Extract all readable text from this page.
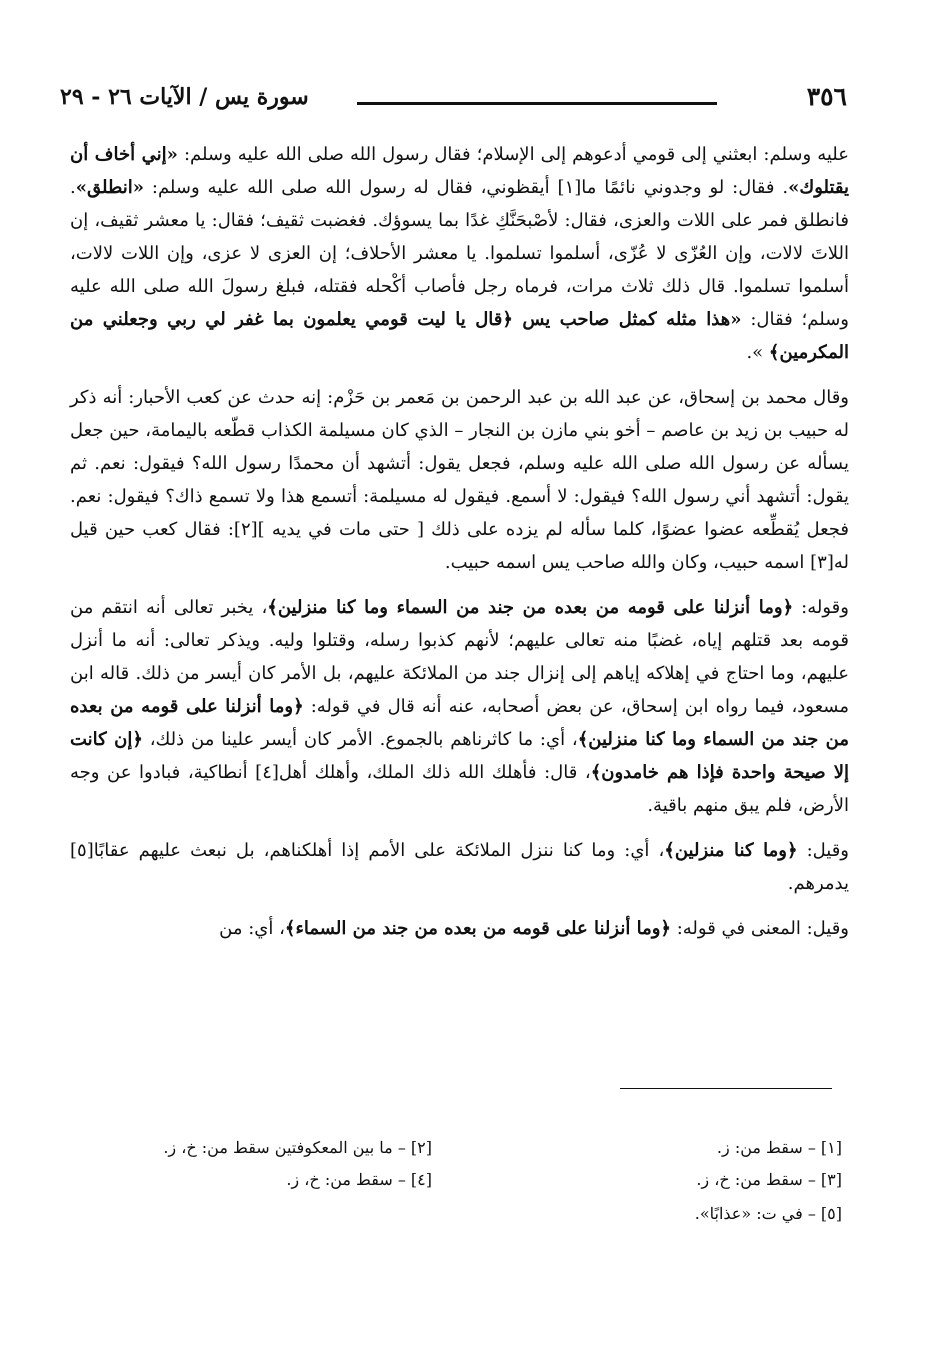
٣٥٦
سورة يس / الآيات ٢٦ - ٢٩

عليه وسلم: ابعثني إلى قومي أدعوهم إلى الإسلام؛ فقال رسول الله صلى الله عليه وسلم: «إني أخاف أن يقتلوك». فقال: لو وجدوني نائمًا ما[١] أيقظوني، فقال له رسول الله صلى الله عليه وسلم: «انطلق». فانطلق فمر على اللات والعزى، فقال: لأصْبحَنَّكِ غدًا بما يسوؤك. فغضبت ثقيف؛ فقال: يا معشر ثقيف، إن اللاتَ لالات، وإن العُزّى لا عُزّى، أسلموا تسلموا. يا معشر الأحلاف؛ إن العزى لا عزى، وإن اللات لالات، أسلموا تسلموا. قال ذلك ثلاث مرات، فرماه رجل فأصاب أكْحله فقتله، فبلغ رسولَ الله صلى الله عليه وسلم؛ فقال: «هذا مثله كمثل صاحب يس ﴿قال يا ليت قومي يعلمون بما غفر لي ربي وجعلني من المكرمين﴾ ».

وقال محمد بن إسحاق، عن عبد الله بن عبد الرحمن بن مَعمر بن حَزْم: إنه حدث عن كعب الأحبار: أنه ذكر له حبيب بن زيد بن عاصم – أخو بني مازن بن النجار – الذي كان مسيلمة الكذاب قطّعه باليمامة، حين جعل يسأله عن رسول الله صلى الله عليه وسلم، فجعل يقول: أتشهد أن محمدًا رسول الله؟ فيقول: نعم. ثم يقول: أتشهد أني رسول الله؟ فيقول: لا أسمع. فيقول له مسيلمة: أتسمع هذا ولا تسمع ذاك؟ فيقول: نعم. فجعل يُقطِّعه عضوا عضوًا، كلما سأله لم يزده على ذلك [ حتى مات في يديه ][٢]: فقال كعب حين قيل له[٣] اسمه حبيب، وكان والله صاحب يس اسمه حبيب.

وقوله: ﴿وما أنزلنا على قومه من بعده من جند من السماء وما كنا منزلين﴾، يخبر تعالى أنه انتقم من قومه بعد قتلهم إياه، غضبًا منه تعالى عليهم؛ لأنهم كذبوا رسله، وقتلوا وليه. ويذكر تعالى: أنه ما أنزل عليهم، وما احتاج في إهلاكه إياهم إلى إنزال جند من الملائكة عليهم، بل الأمر كان أيسر من ذلك. قاله ابن مسعود، فيما رواه ابن إسحاق، عن بعض أصحابه، عنه أنه قال في قوله: ﴿وما أنزلنا على قومه من بعده من جند من السماء وما كنا منزلين﴾، أي: ما كاثرناهم بالجموع. الأمر كان أيسر علينا من ذلك، ﴿إن كانت إلا صيحة واحدة فإذا هم خامدون﴾، قال: فأهلك الله ذلك الملك، وأهلك أهل[٤] أنطاكية، فبادوا عن وجه الأرض، فلم يبق منهم باقية.

وقيل: ﴿وما كنا منزلين﴾، أي: وما كنا ننزل الملائكة على الأمم إذا أهلكناهم، بل نبعث عليهم عقابًا[٥] يدمرهم.

وقيل: المعنى في قوله: ﴿وما أنزلنا على قومه من بعده من جند من السماء﴾، أي: من

[١] – سقط من: ز.
[٢] – ما بين المعكوفتين سقط من: خ، ز.
[٣] – سقط من: خ، ز.
[٤] – سقط من: خ، ز.
[٥] – في ت: «عذابًا».
